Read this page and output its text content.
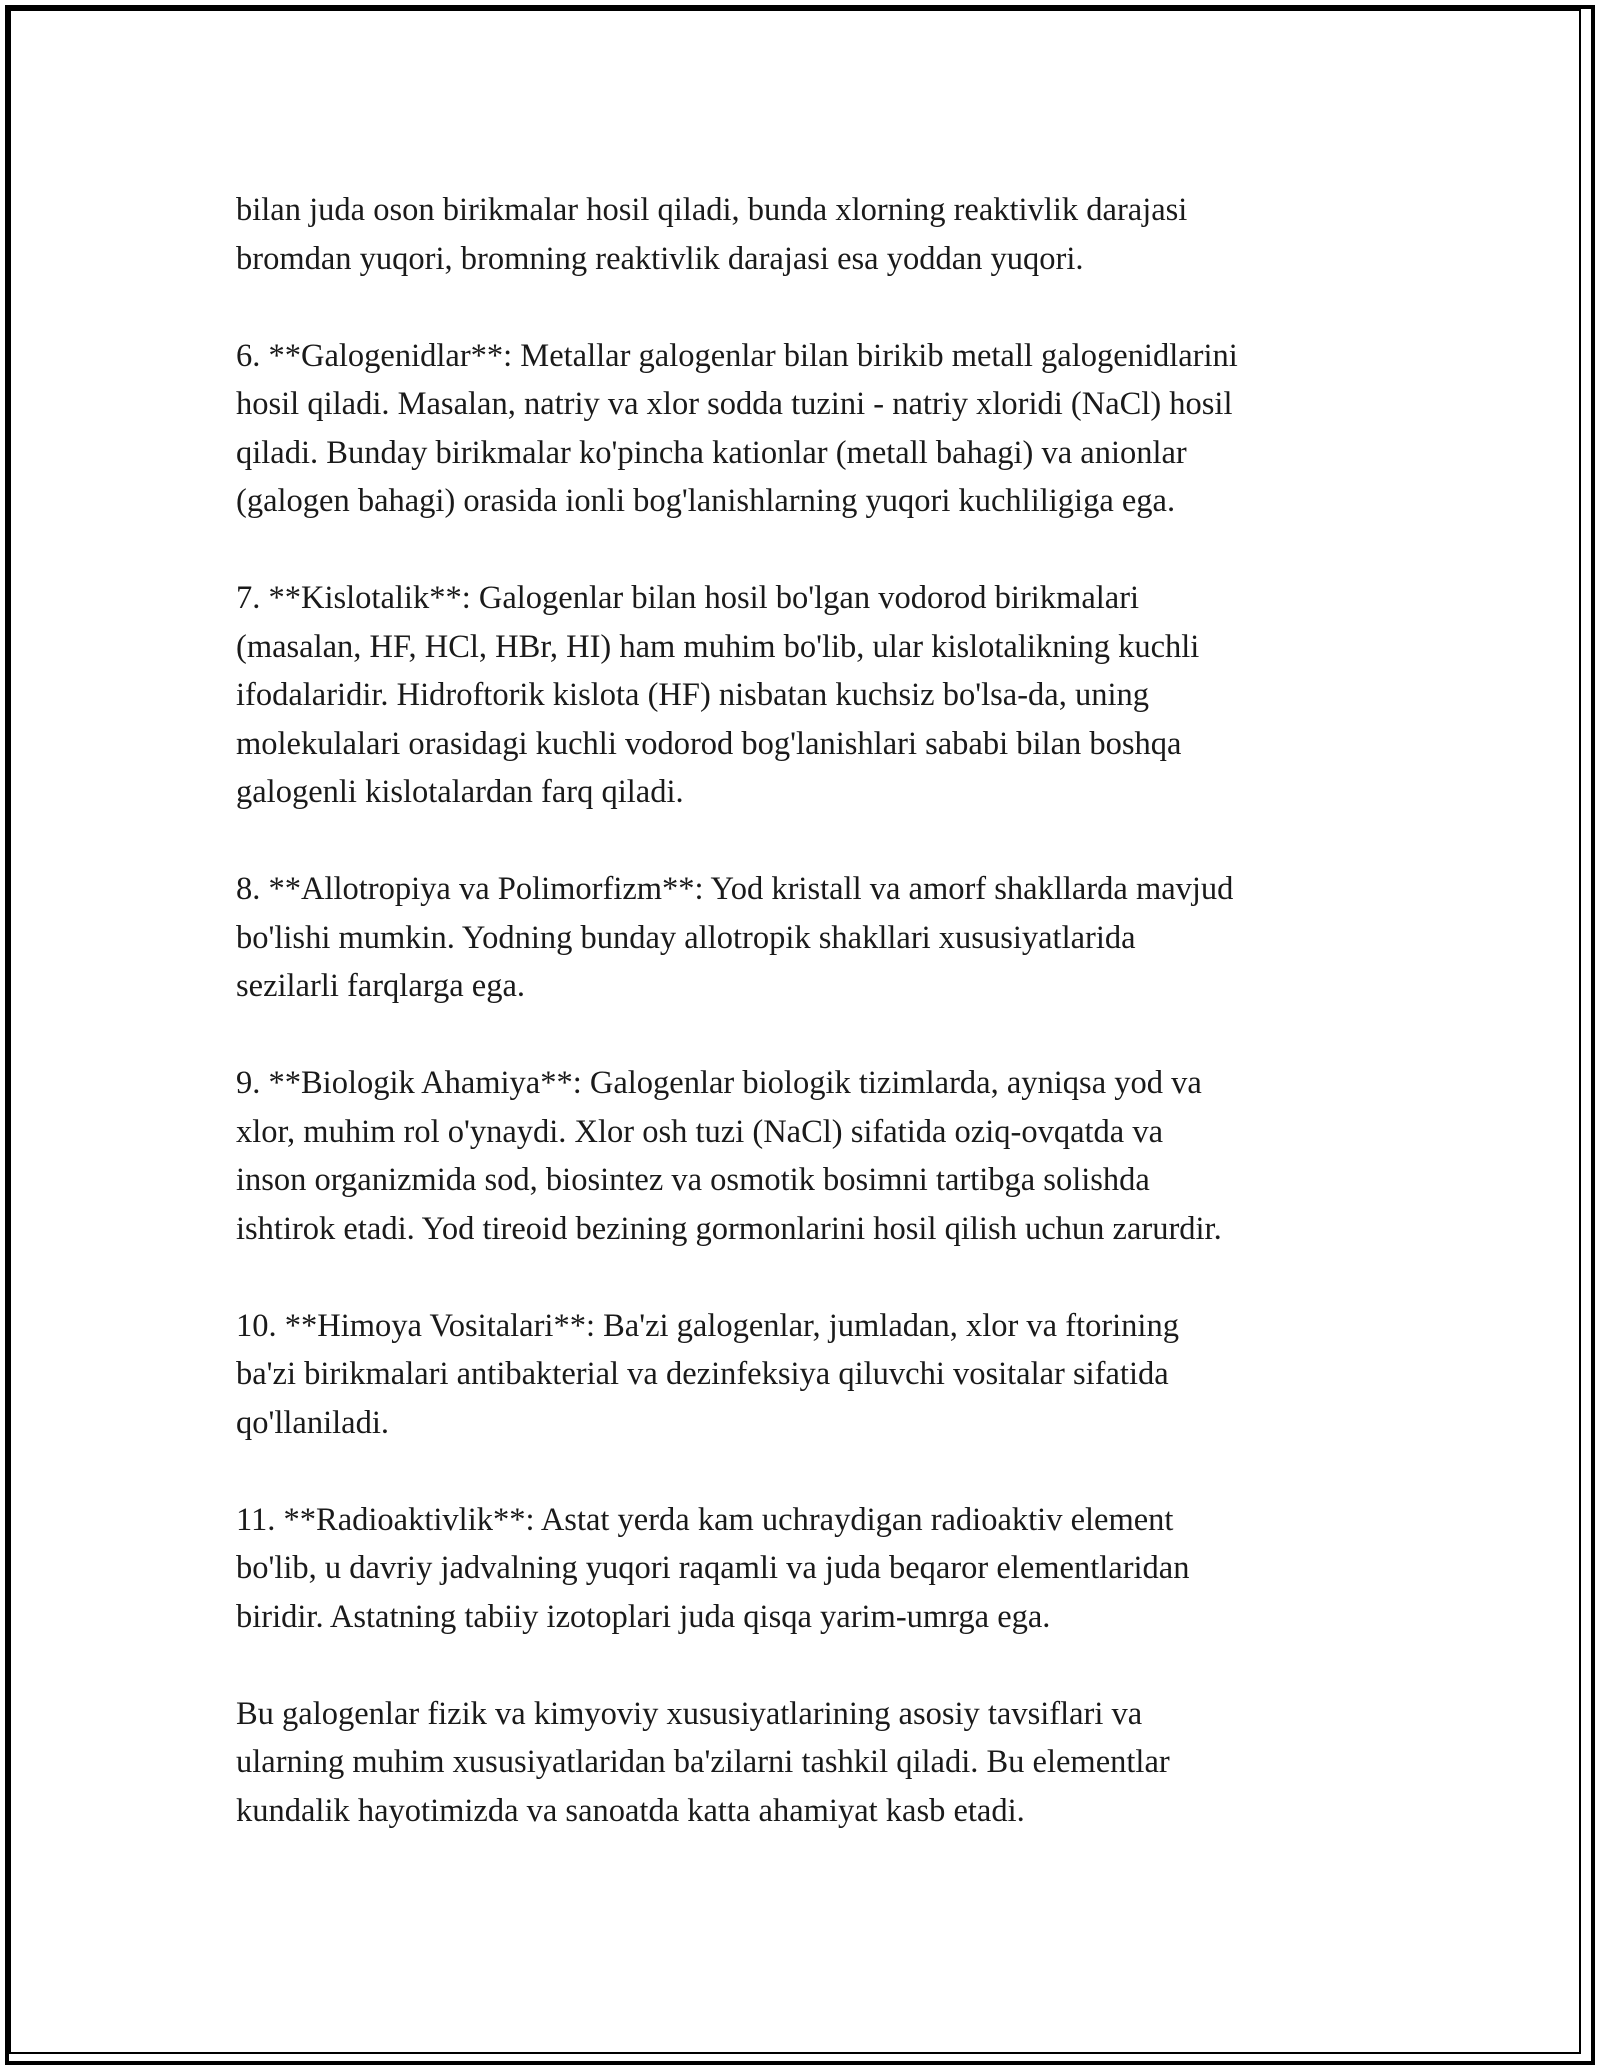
bilan juda oson birikmalar hosil qiladi, bunda xlorning reaktivlik darajasi
bromdan yuqori, bromning reaktivlik darajasi esa yoddan yuqori.

6. **Galogenidlar**: Metallar galogenlar bilan birikib metall galogenidlarini
hosil qiladi. Masalan, natriy va xlor sodda tuzini - natriy xloridi (NaCl) hosil
qiladi. Bunday birikmalar ko'pincha kationlar (metall bahagi) va anionlar
(galogen bahagi) orasida ionli bog'lanishlarning yuqori kuchliligiga ega.

7. **Kislotalik**: Galogenlar bilan hosil bo'lgan vodorod birikmalari
(masalan, HF, HCl, HBr, HI) ham muhim bo'lib, ular kislotalikning kuchli
ifodalaridir. Hidroftorik kislota (HF) nisbatan kuchsiz bo'lsa-da, uning
molekulalari orasidagi kuchli vodorod bog'lanishlari sababi bilan boshqa
galogenli kislotalardan farq qiladi.

8. **Allotropiya va Polimorfizm**: Yod kristall va amorf shakllarda mavjud
bo'lishi mumkin. Yodning bunday allotropik shakllari xususiyatlarida
sezilarli farqlarga ega.

9. **Biologik Ahamiya**: Galogenlar biologik tizimlarda, ayniqsa yod va
xlor, muhim rol o'ynaydi. Xlor osh tuzi (NaCl) sifatida oziq-ovqatda va
inson organizmida sod, biosintez va osmotik bosimni tartibga solishda
ishtirok etadi. Yod tireoid bezining gormonlarini hosil qilish uchun zarurdir.

10. **Himoya Vositalari**: Ba'zi galogenlar, jumladan, xlor va ftorining
ba'zi birikmalari antibakterial va dezinfeksiya qiluvchi vositalar sifatida
qo'llaniladi.

11. **Radioaktivlik**: Astat yerda kam uchraydigan radioaktiv element
bo'lib, u davriy jadvalning yuqori raqamli va juda beqaror elementlaridan
biridir. Astatning tabiiy izotoplari juda qisqa yarim-umrga ega.

Bu galogenlar fizik va kimyoviy xususiyatlarining asosiy tavsiflari va
ularning muhim xususiyatlaridan ba'zilarni tashkil qiladi. Bu elementlar
kundalik hayotimizda va sanoatda katta ahamiyat kasb etadi.
